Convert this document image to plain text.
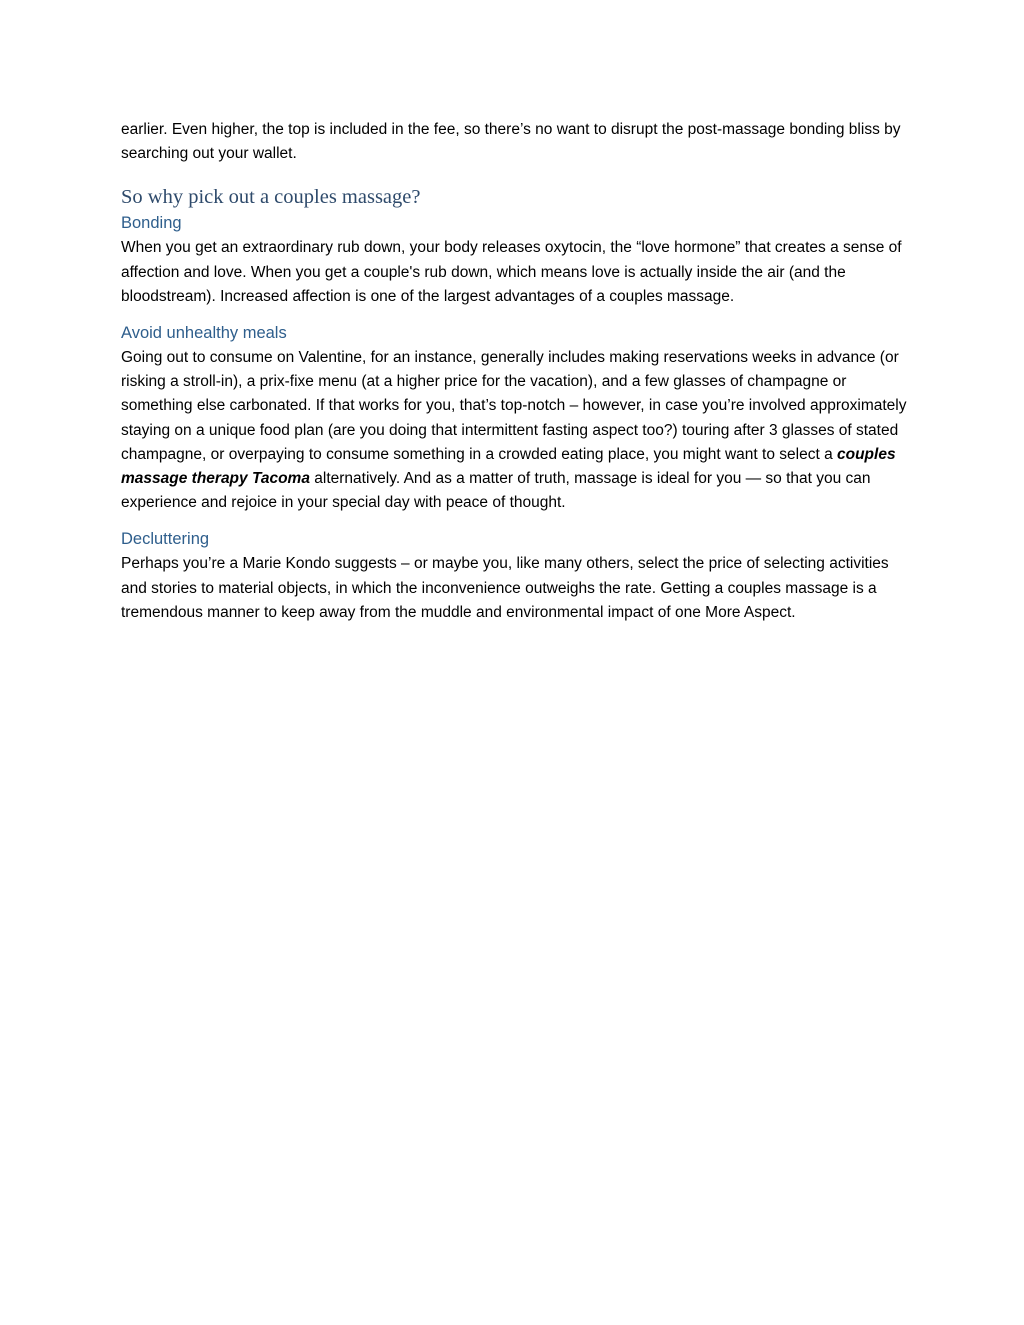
earlier. Even higher, the top is included in the fee, so there’s no want to disrupt the post-massage bonding bliss by searching out your wallet.

So why pick out a couples massage?
Bonding

When you get an extraordinary rub down, your body releases oxytocin, the “love hormone” that creates a sense of affection and love. When you get a couple's rub down, which means love is actually inside the air (and the bloodstream). Increased affection is one of the largest advantages of a couples massage.

Avoid unhealthy meals

Going out to consume on Valentine, for an instance, generally includes making reservations weeks in advance (or risking a stroll-in), a prix-fixe menu (at a higher price for the vacation), and a few glasses of champagne or something else carbonated. If that works for you, that’s top-notch – however, in case you’re involved approximately staying on a unique food plan (are you doing that intermittent fasting aspect too?) touring after 3 glasses of stated champagne, or overpaying to consume something in a crowded eating place, you might want to select a couples massage therapy Tacoma alternatively. And as a matter of truth, massage is ideal for you — so that you can experience and rejoice in your special day with peace of thought.

Decluttering

Perhaps you’re a Marie Kondo suggests – or maybe you, like many others, select the price of selecting activities and stories to material objects, in which the inconvenience outweighs the rate. Getting a couples massage is a tremendous manner to keep away from the muddle and environmental impact of one More Aspect.
